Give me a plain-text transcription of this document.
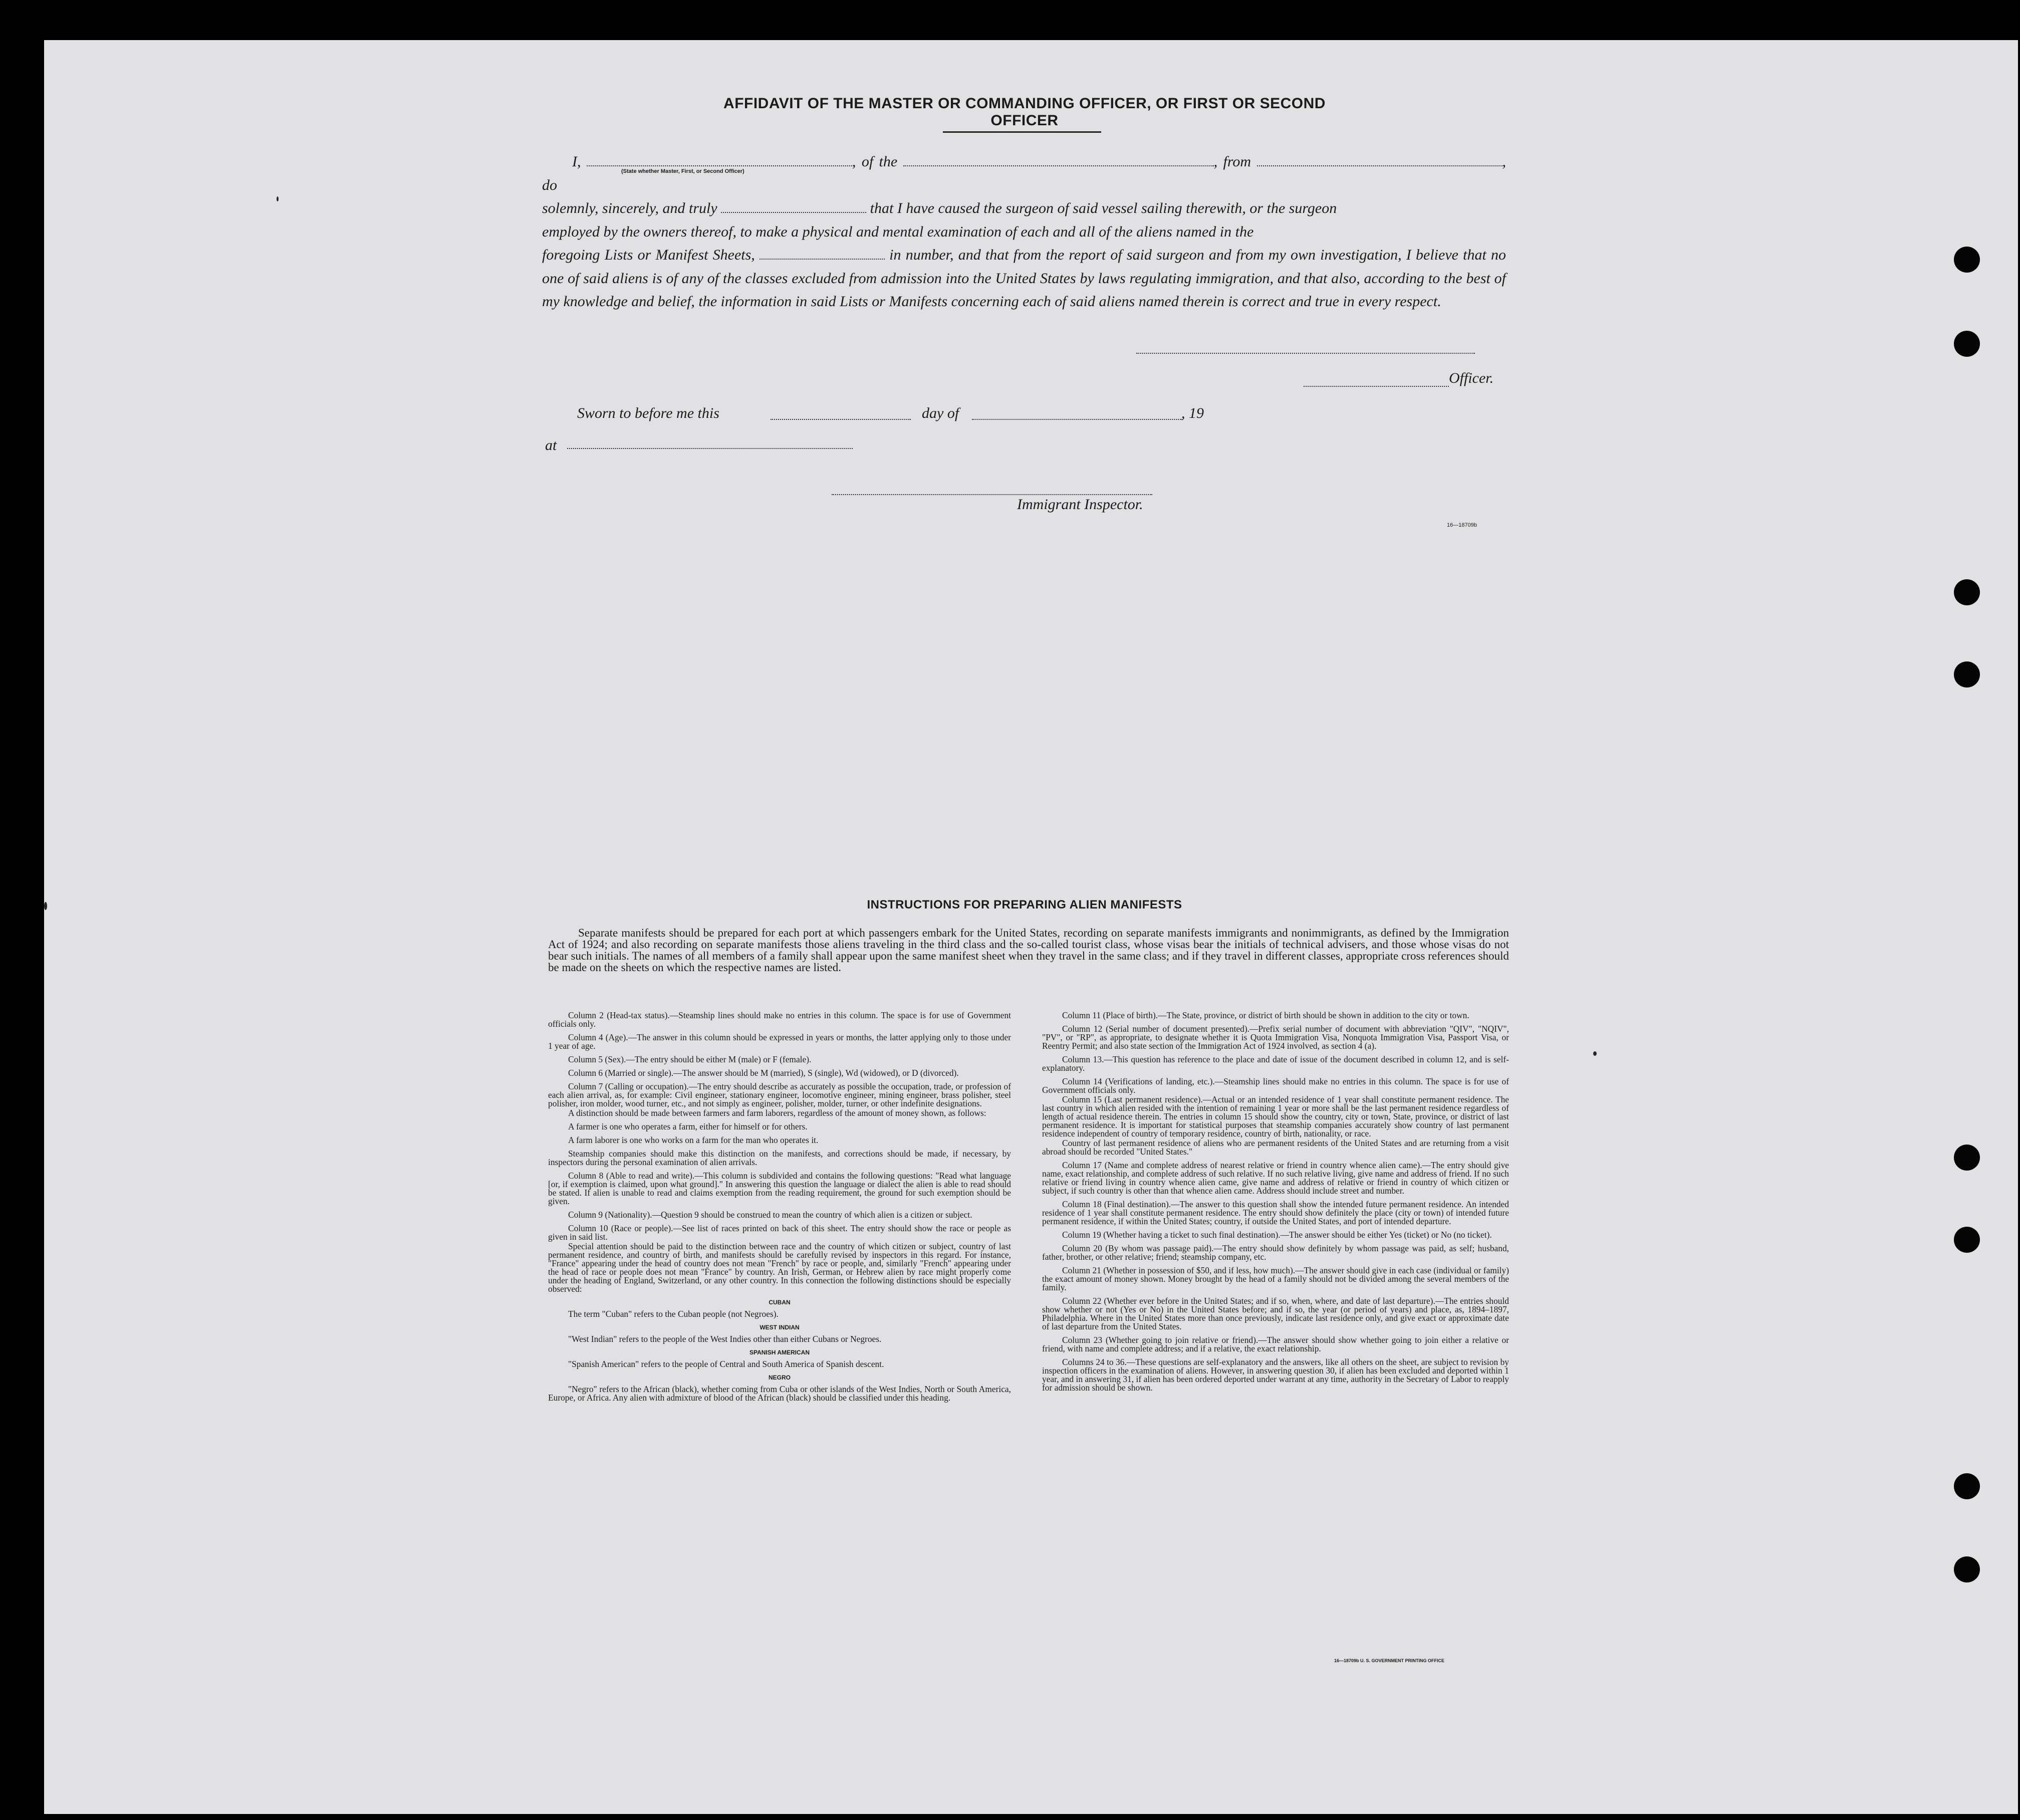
AFFIDAVIT OF THE MASTER OR COMMANDING OFFICER, OR FIRST OR SECOND OFFICER
I,	, of the	, from	, do
solemnly, sincerely, and truly	that I have caused the surgeon of said vessel sailing therewith, or the surgeon
employed by the owners thereof, to make a physical and mental examination of each and all of the aliens named in the
foregoing Lists or Manifest Sheets,	in number, and that from the report of said surgeon and from my own investigation, I believe that no one of said aliens is of any of the classes excluded from admission into the United States by laws regulating immigration, and that also, according to the best of my knowledge and belief, the information in said Lists or Manifests concerning each of said aliens named therein is correct and true in every respect.
(State whether Master, First, or Second Officer)
Officer.
Sworn to before me this	day of	, 19
at
Immigrant Inspector.
16—18709b
INSTRUCTIONS FOR PREPARING ALIEN MANIFESTS
Separate manifests should be prepared for each port at which passengers embark for the United States, recording on separate manifests immigrants and nonimmigrants, as defined by the Immigration Act of 1924; and also recording on separate manifests those aliens traveling in the third class and the so-called tourist class, whose visas bear the initials of technical advisers, and those whose visas do not bear such initials. The names of all members of a family shall appear upon the same manifest sheet when they travel in the same class; and if they travel in different classes, appropriate cross references should be made on the sheets on which the respective names are listed.

Column 2 (Head-tax status).—Steamship lines should make no entries in this column. The space is for use of Government officials only.

Column 4 (Age).—The answer in this column should be expressed in years or months, the latter applying only to those under 1 year of age.

Column 5 (Sex).—The entry should be either M (male) or F (female).

Column 6 (Married or single).—The answer should be M (married), S (single), Wd (widowed), or D (divorced).

Column 7 (Calling or occupation).—The entry should describe as accurately as possible the occupation, trade, or profession of each alien arrival, as, for example: Civil engineer, stationary engineer, locomotive engineer, mining engineer, brass polisher, steel polisher, iron molder, wood turner, etc., and not simply as engineer, polisher, molder, turner, or other indefinite designations.

A distinction should be made between farmers and farm laborers, regardless of the amount of money shown, as follows:

A farmer is one who operates a farm, either for himself or for others.

A farm laborer is one who works on a farm for the man who operates it.

Steamship companies should make this distinction on the manifests, and corrections should be made, if necessary, by inspectors during the personal examination of alien arrivals.

Column 8 (Able to read and write).—This column is subdivided and contains the following questions: "Read what language [or, if exemption is claimed, upon what ground]." In answering this question the language or dialect the alien is able to read should be stated. If alien is unable to read and claims exemption from the reading requirement, the ground for such exemption should be given.

Column 9 (Nationality).—Question 9 should be construed to mean the country of which alien is a citizen or subject.

Column 10 (Race or people).—See list of races printed on back of this sheet. The entry should show the race or people as given in said list.

Special attention should be paid to the distinction between race and the country of which citizen or subject, country of last permanent residence, and country of birth, and manifests should be carefully revised by inspectors in this regard. For instance, "France" appearing under the head of country does not mean "French" by race or people, and, similarly "French" appearing under the head of race or people does not mean "France" by country. An Irish, German, or Hebrew alien by race might properly come under the heading of England, Switzerland, or any other country. In this connection the following distinctions should be especially observed:

CUBAN

The term "Cuban" refers to the Cuban people (not Negroes).

WEST INDIAN

"West Indian" refers to the people of the West Indies other than either Cubans or Negroes.

SPANISH AMERICAN

"Spanish American" refers to the people of Central and South America of Spanish descent.

NEGRO

"Negro" refers to the African (black), whether coming from Cuba or other islands of the West Indies, North or South America, Europe, or Africa. Any alien with admixture of blood of the African (black) should be classified under this heading.

Column 11 (Place of birth).—The State, province, or district of birth should be shown in addition to the city or town.

Column 12 (Serial number of document presented).—Prefix serial number of document with abbreviation "QIV", "NQIV", "PV", or "RP", as appropriate, to designate whether it is Quota Immigration Visa, Nonquota Immigration Visa, Passport Visa, or Reentry Permit; and also state section of the Immigration Act of 1924 involved, as section 4 (a).

Column 13.—This question has reference to the place and date of issue of the document described in column 12, and is self-explanatory.

Column 14 (Verifications of landing, etc.).—Steamship lines should make no entries in this column. The space is for use of Government officials only.

Column 15 (Last permanent residence).—Actual or an intended residence of 1 year shall constitute permanent residence. The last country in which alien resided with the intention of remaining 1 year or more shall be the last permanent residence regardless of length of actual residence therein. The entries in column 15 should show the country, city or town, State, province, or district of last permanent residence. It is important for statistical purposes that steamship companies accurately show country of last permanent residence independent of country of temporary residence, country of birth, nationality, or race.

Country of last permanent residence of aliens who are permanent residents of the United States and are returning from a visit abroad should be recorded "United States."

Column 17 (Name and complete address of nearest relative or friend in country whence alien came).—The entry should give name, exact relationship, and complete address of such relative. If no such relative living, give name and address of friend. If no such relative or friend living in country whence alien came, give name and address of relative or friend in country of which citizen or subject, if such country is other than that whence alien came. Address should include street and number.

Column 18 (Final destination).—The answer to this question shall show the intended future permanent residence. An intended residence of 1 year shall constitute permanent residence. The entry should show definitely the place (city or town) of intended future permanent residence, if within the United States; country, if outside the United States, and port of intended departure.

Column 19 (Whether having a ticket to such final destination).—The answer should be either Yes (ticket) or No (no ticket).

Column 20 (By whom was passage paid).—The entry should show definitely by whom passage was paid, as self; husband, father, brother, or other relative; friend; steamship company, etc.

Column 21 (Whether in possession of $50, and if less, how much).—The answer should give in each case (individual or family) the exact amount of money shown. Money brought by the head of a family should not be divided among the several members of the family.

Column 22 (Whether ever before in the United States; and if so, when, where, and date of last departure).—The entries should show whether or not (Yes or No) in the United States before; and if so, the year (or period of years) and place, as, 1894–1897, Philadelphia. Where in the United States more than once previously, indicate last residence only, and give exact or approximate date of last departure from the United States.

Column 23 (Whether going to join relative or friend).—The answer should show whether going to join either a relative or friend, with name and complete address; and if a relative, the exact relationship.

Columns 24 to 36.—These questions are self-explanatory and the answers, like all others on the sheet, are subject to revision by inspection officers in the examination of aliens. However, in answering question 30, if alien has been excluded and deported within 1 year, and in answering 31, if alien has been ordered deported under warrant at any time, authority in the Secretary of Labor to reapply for admission should be shown.

16—18709b U. S. GOVERNMENT PRINTING OFFICE
